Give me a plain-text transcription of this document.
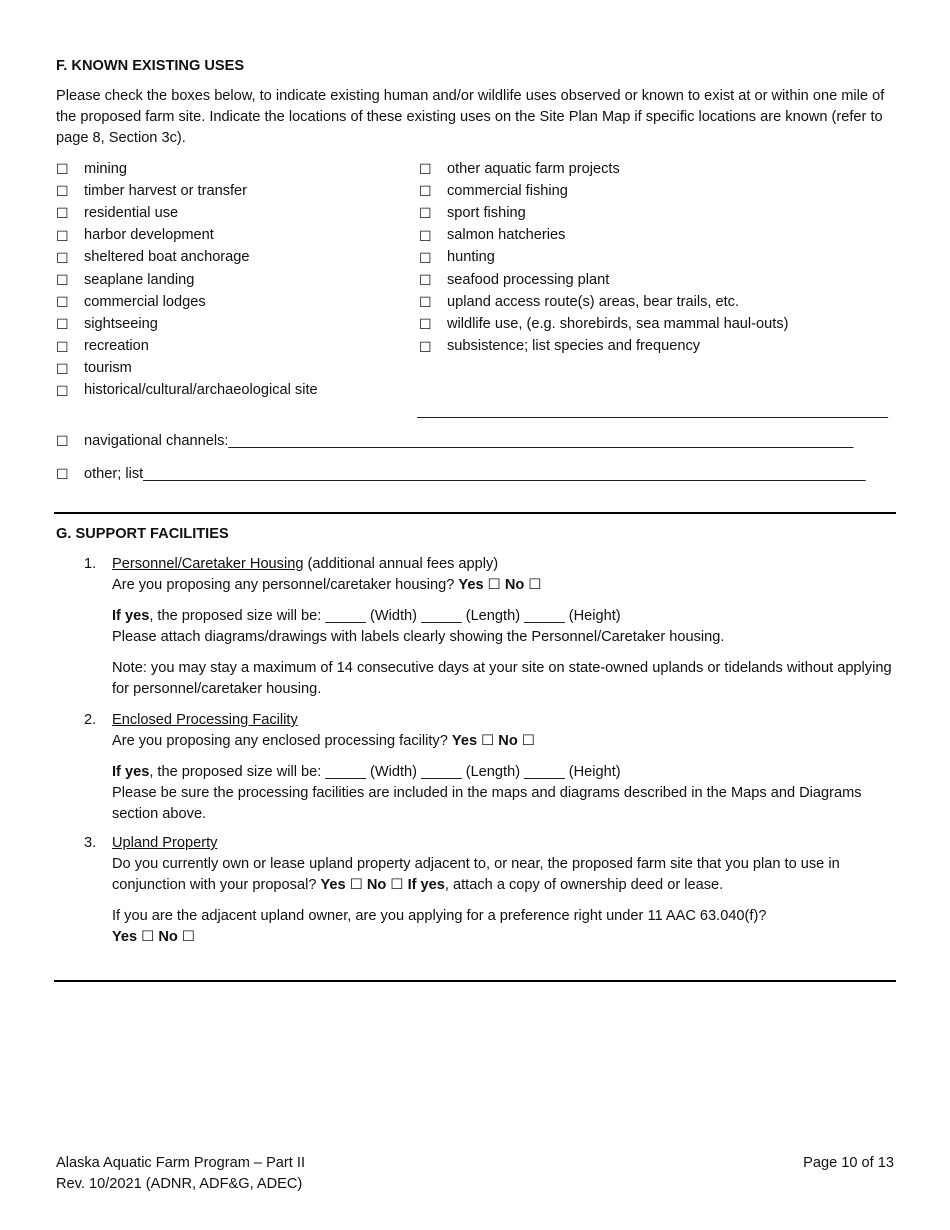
F. KNOWN EXISTING USES

Please check the boxes below, to indicate existing human and/or wildlife uses observed or known to exist at or within one mile of the proposed farm site. Indicate the locations of these existing uses on the Site Plan Map if specific locations are known (refer to page 8, Section 3c).

☐	mining
☐	timber harvest or transfer
☐	residential use
☐	harbor development
☐	sheltered boat anchorage
☐	seaplane landing
☐	commercial lodges
☐	sightseeing
☐	recreation
☐	tourism
☐	historical/cultural/archaeological site
☐	other aquatic farm projects
☐	commercial fishing
☐	sport fishing
☐	salmon hatcheries
☐	hunting
☐	seafood processing plant
☐	upland access route(s) areas, bear trails, etc.
☐	wildlife use, (e.g. shorebirds, sea mammal haul-outs)
☐	subsistence; list species and frequency
__________________________________________________________
☐	navigational channels: _____________________________________________________________________________
☐	other; list _________________________________________________________________________________________
G. SUPPORT FACILITIES
1.	Personnel/Caretaker Housing (additional annual fees apply)

Are you proposing any personnel/caretaker housing? Yes ☐ No ☐

If yes, the proposed size will be: _____ (Width) _____ (Length) _____ (Height)

Please attach diagrams/drawings with labels clearly showing the Personnel/Caretaker housing.

Note: you may stay a maximum of 14 consecutive days at your site on state-owned uplands or tidelands without applying for personnel/caretaker housing.

2.	Enclosed Processing Facility

Are you proposing any enclosed processing facility? Yes ☐ No ☐

If yes, the proposed size will be: _____ (Width) _____ (Length) _____ (Height)

Please be sure the processing facilities are included in the maps and diagrams described in the Maps and Diagrams section above.

3.	Upland Property

Do you currently own or lease upland property adjacent to, or near, the proposed farm site that you plan to use in conjunction with your proposal? Yes ☐ No ☐ If yes, attach a copy of ownership deed or lease.

If you are the adjacent upland owner, are you applying for a preference right under 11 AAC 63.040(f)?

Yes ☐ No ☐

Alaska Aquatic Farm Program – Part II
Rev. 10/2021 (ADNR, ADF&G, ADEC)
Page 10 of 13
